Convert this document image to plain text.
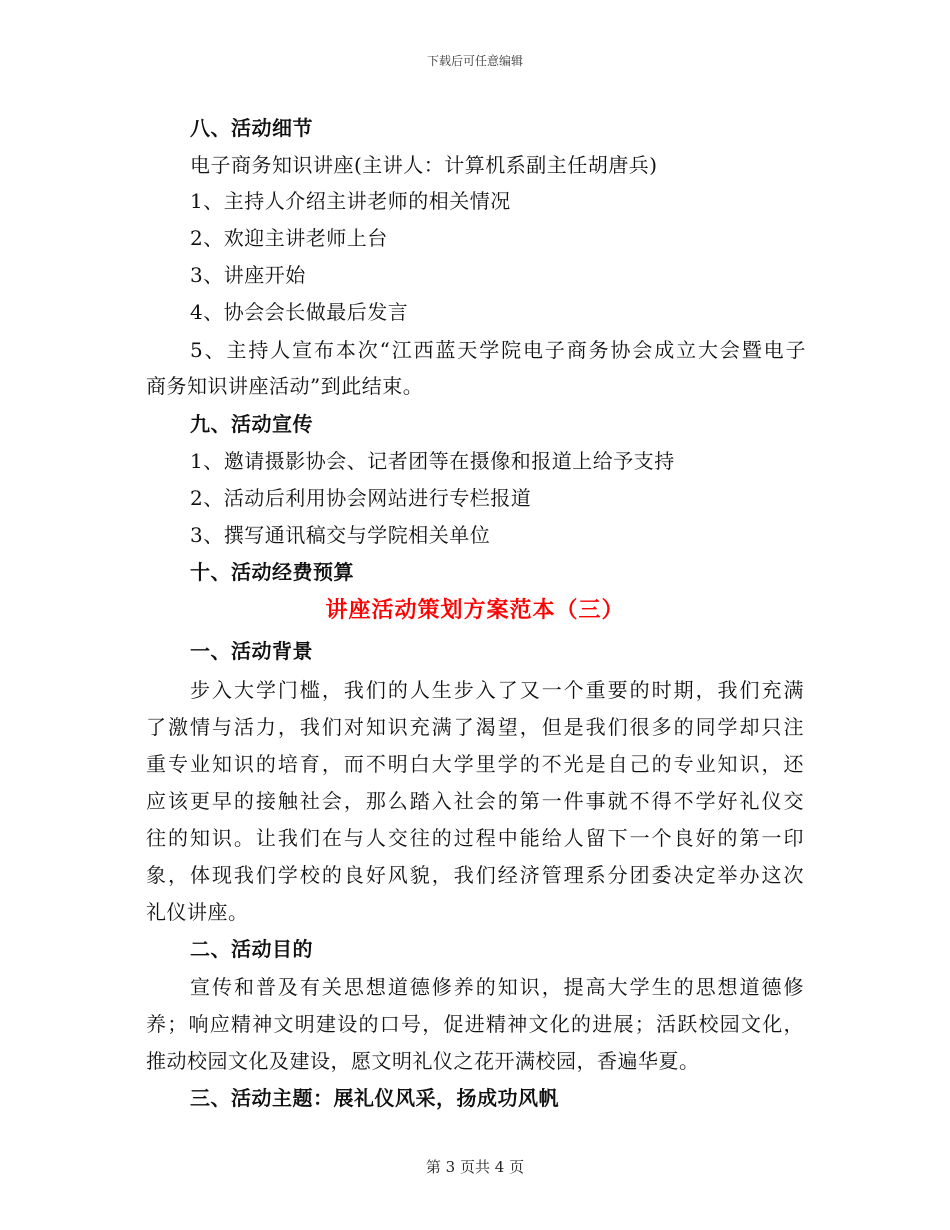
下载后可任意编辑
八、活动细节
电子商务知识讲座(主讲人：计算机系副主任胡唐兵)
1、主持人介绍主讲老师的相关情况
2、欢迎主讲老师上台
3、讲座开始
4、协会会长做最后发言
5、主持人宣布本次“江西蓝天学院电子商务协会成立大会暨电子
商务知识讲座活动”到此结束。
九、活动宣传
1、邀请摄影协会、记者团等在摄像和报道上给予支持
2、活动后利用协会网站进行专栏报道
3、撰写通讯稿交与学院相关单位
十、活动经费预算
讲座活动策划方案范本（三）
一、活动背景
步入大学门槛，我们的人生步入了又一个重要的时期，我们充满
了激情与活力，我们对知识充满了渴望，但是我们很多的同学却只注
重专业知识的培育，而不明白大学里学的不光是自己的专业知识，还
应该更早的接触社会，那么踏入社会的第一件事就不得不学好礼仪交
往的知识。让我们在与人交往的过程中能给人留下一个良好的第一印
象，体现我们学校的良好风貌，我们经济管理系分团委决定举办这次
礼仪讲座。
二、活动目的
宣传和普及有关思想道德修养的知识，提高大学生的思想道德修
养；响应精神文明建设的口号，促进精神文化的进展；活跃校园文化，
推动校园文化及建设，愿文明礼仪之花开满校园，香遍华夏。
三、活动主题：展礼仪风采，扬成功风帆
第 3 页共 4 页
